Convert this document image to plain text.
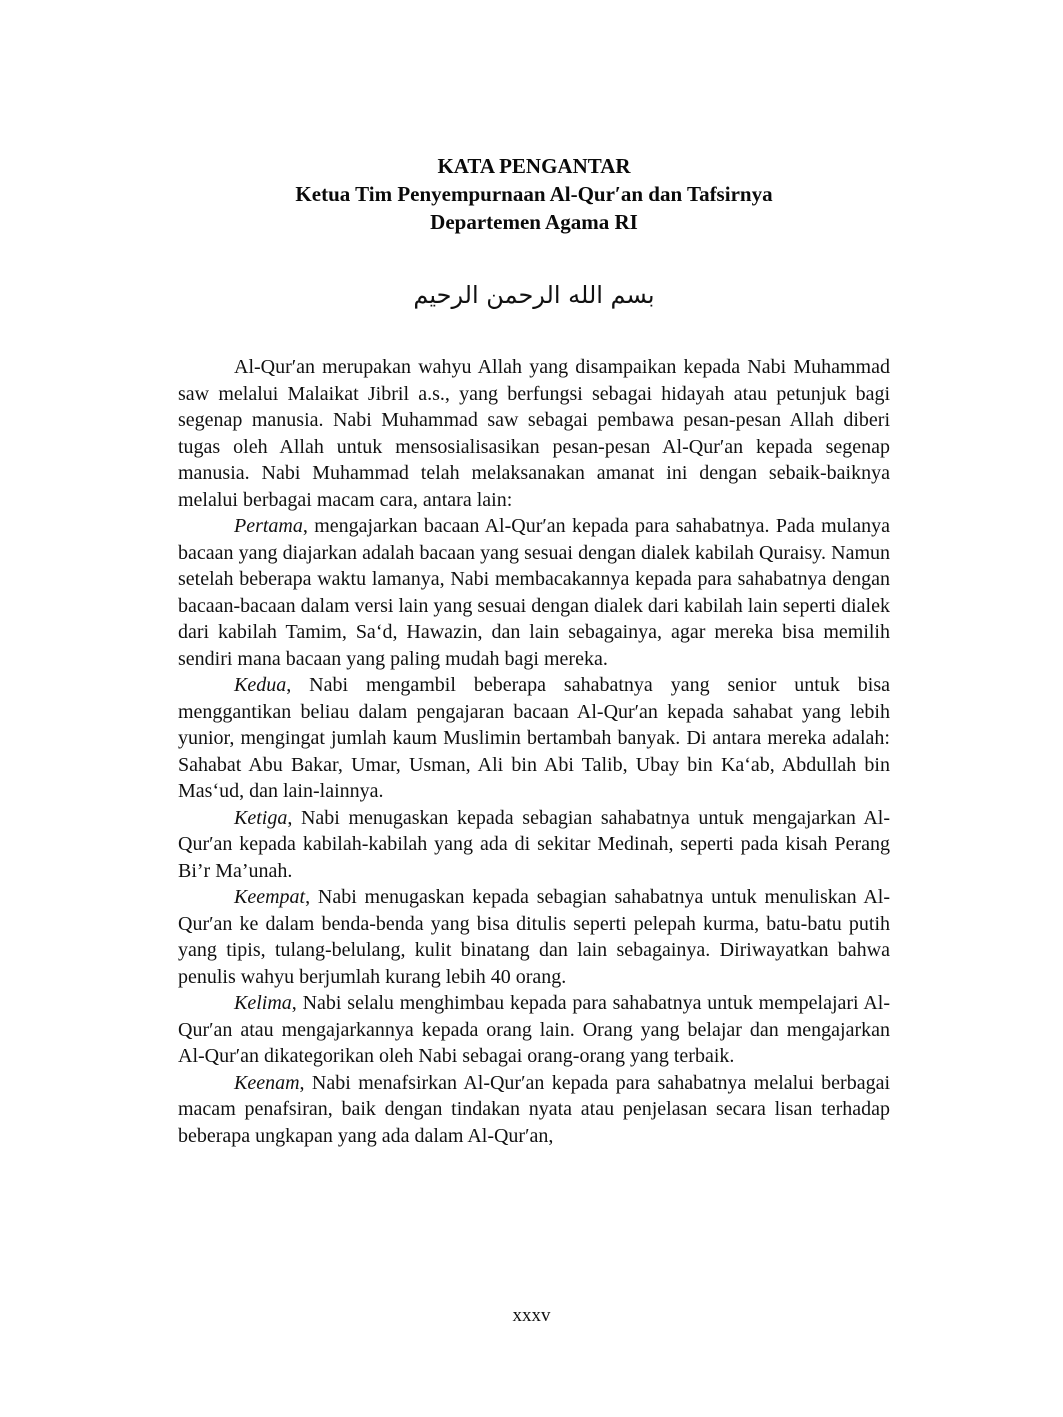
KATA PENGANTAR
Ketua Tim Penyempurnaan Al-Qur′an dan Tafsirnya
Departemen Agama RI
بسم الله الرحمن الرحيم

Al-Qur′an merupakan wahyu Allah yang disampaikan kepada Nabi Muhammad saw melalui Malaikat Jibril a.s., yang berfungsi sebagai hidayah atau petunjuk bagi segenap manusia. Nabi Muhammad saw sebagai pembawa pesan-pesan Allah diberi tugas oleh Allah untuk mensosialisasikan pesan-pesan Al-Qur′an kepada segenap manusia. Nabi Muhammad telah melaksanakan amanat ini dengan sebaik-baiknya melalui berbagai macam cara, antara lain:

Pertama, mengajarkan bacaan Al-Qur′an kepada para sahabatnya. Pada mulanya bacaan yang diajarkan adalah bacaan yang sesuai dengan dialek kabilah Quraisy. Namun setelah beberapa waktu lamanya, Nabi membacakannya kepada para sahabatnya dengan bacaan-bacaan dalam versi lain yang sesuai dengan dialek dari kabilah lain seperti dialek dari kabilah Tamim, Sa‘d, Hawazin, dan lain sebagainya, agar mereka bisa memilih sendiri mana bacaan yang paling mudah bagi mereka.

Kedua, Nabi mengambil beberapa sahabatnya yang senior untuk bisa menggantikan beliau dalam pengajaran bacaan Al-Qur′an kepada sahabat yang lebih yunior, mengingat jumlah kaum Muslimin bertambah banyak. Di antara mereka adalah: Sahabat Abu Bakar, Umar, Usman, Ali bin Abi Talib, Ubay bin Ka‘ab, Abdullah bin Mas‘ud, dan lain-lainnya.

Ketiga, Nabi menugaskan kepada sebagian sahabatnya untuk mengajarkan Al-Qur′an kepada kabilah-kabilah yang ada di sekitar Medinah, seperti pada kisah Perang Bi’r Ma’unah.

Keempat, Nabi menugaskan kepada sebagian sahabatnya untuk menuliskan Al-Qur′an ke dalam benda-benda yang bisa ditulis seperti pelepah kurma, batu-batu putih yang tipis, tulang-belulang, kulit binatang dan lain sebagainya. Diriwayatkan bahwa penulis wahyu berjumlah kurang lebih 40 orang.

Kelima, Nabi selalu menghimbau kepada para sahabatnya untuk mempelajari Al-Qur′an atau mengajarkannya kepada orang lain. Orang yang belajar dan mengajarkan Al-Qur′an dikategorikan oleh Nabi sebagai orang-orang yang terbaik.

Keenam, Nabi menafsirkan Al-Qur′an kepada para sahabatnya melalui berbagai macam penafsiran, baik dengan tindakan nyata atau penjelasan secara lisan terhadap beberapa ungkapan yang ada dalam Al-Qur′an,

xxxv
